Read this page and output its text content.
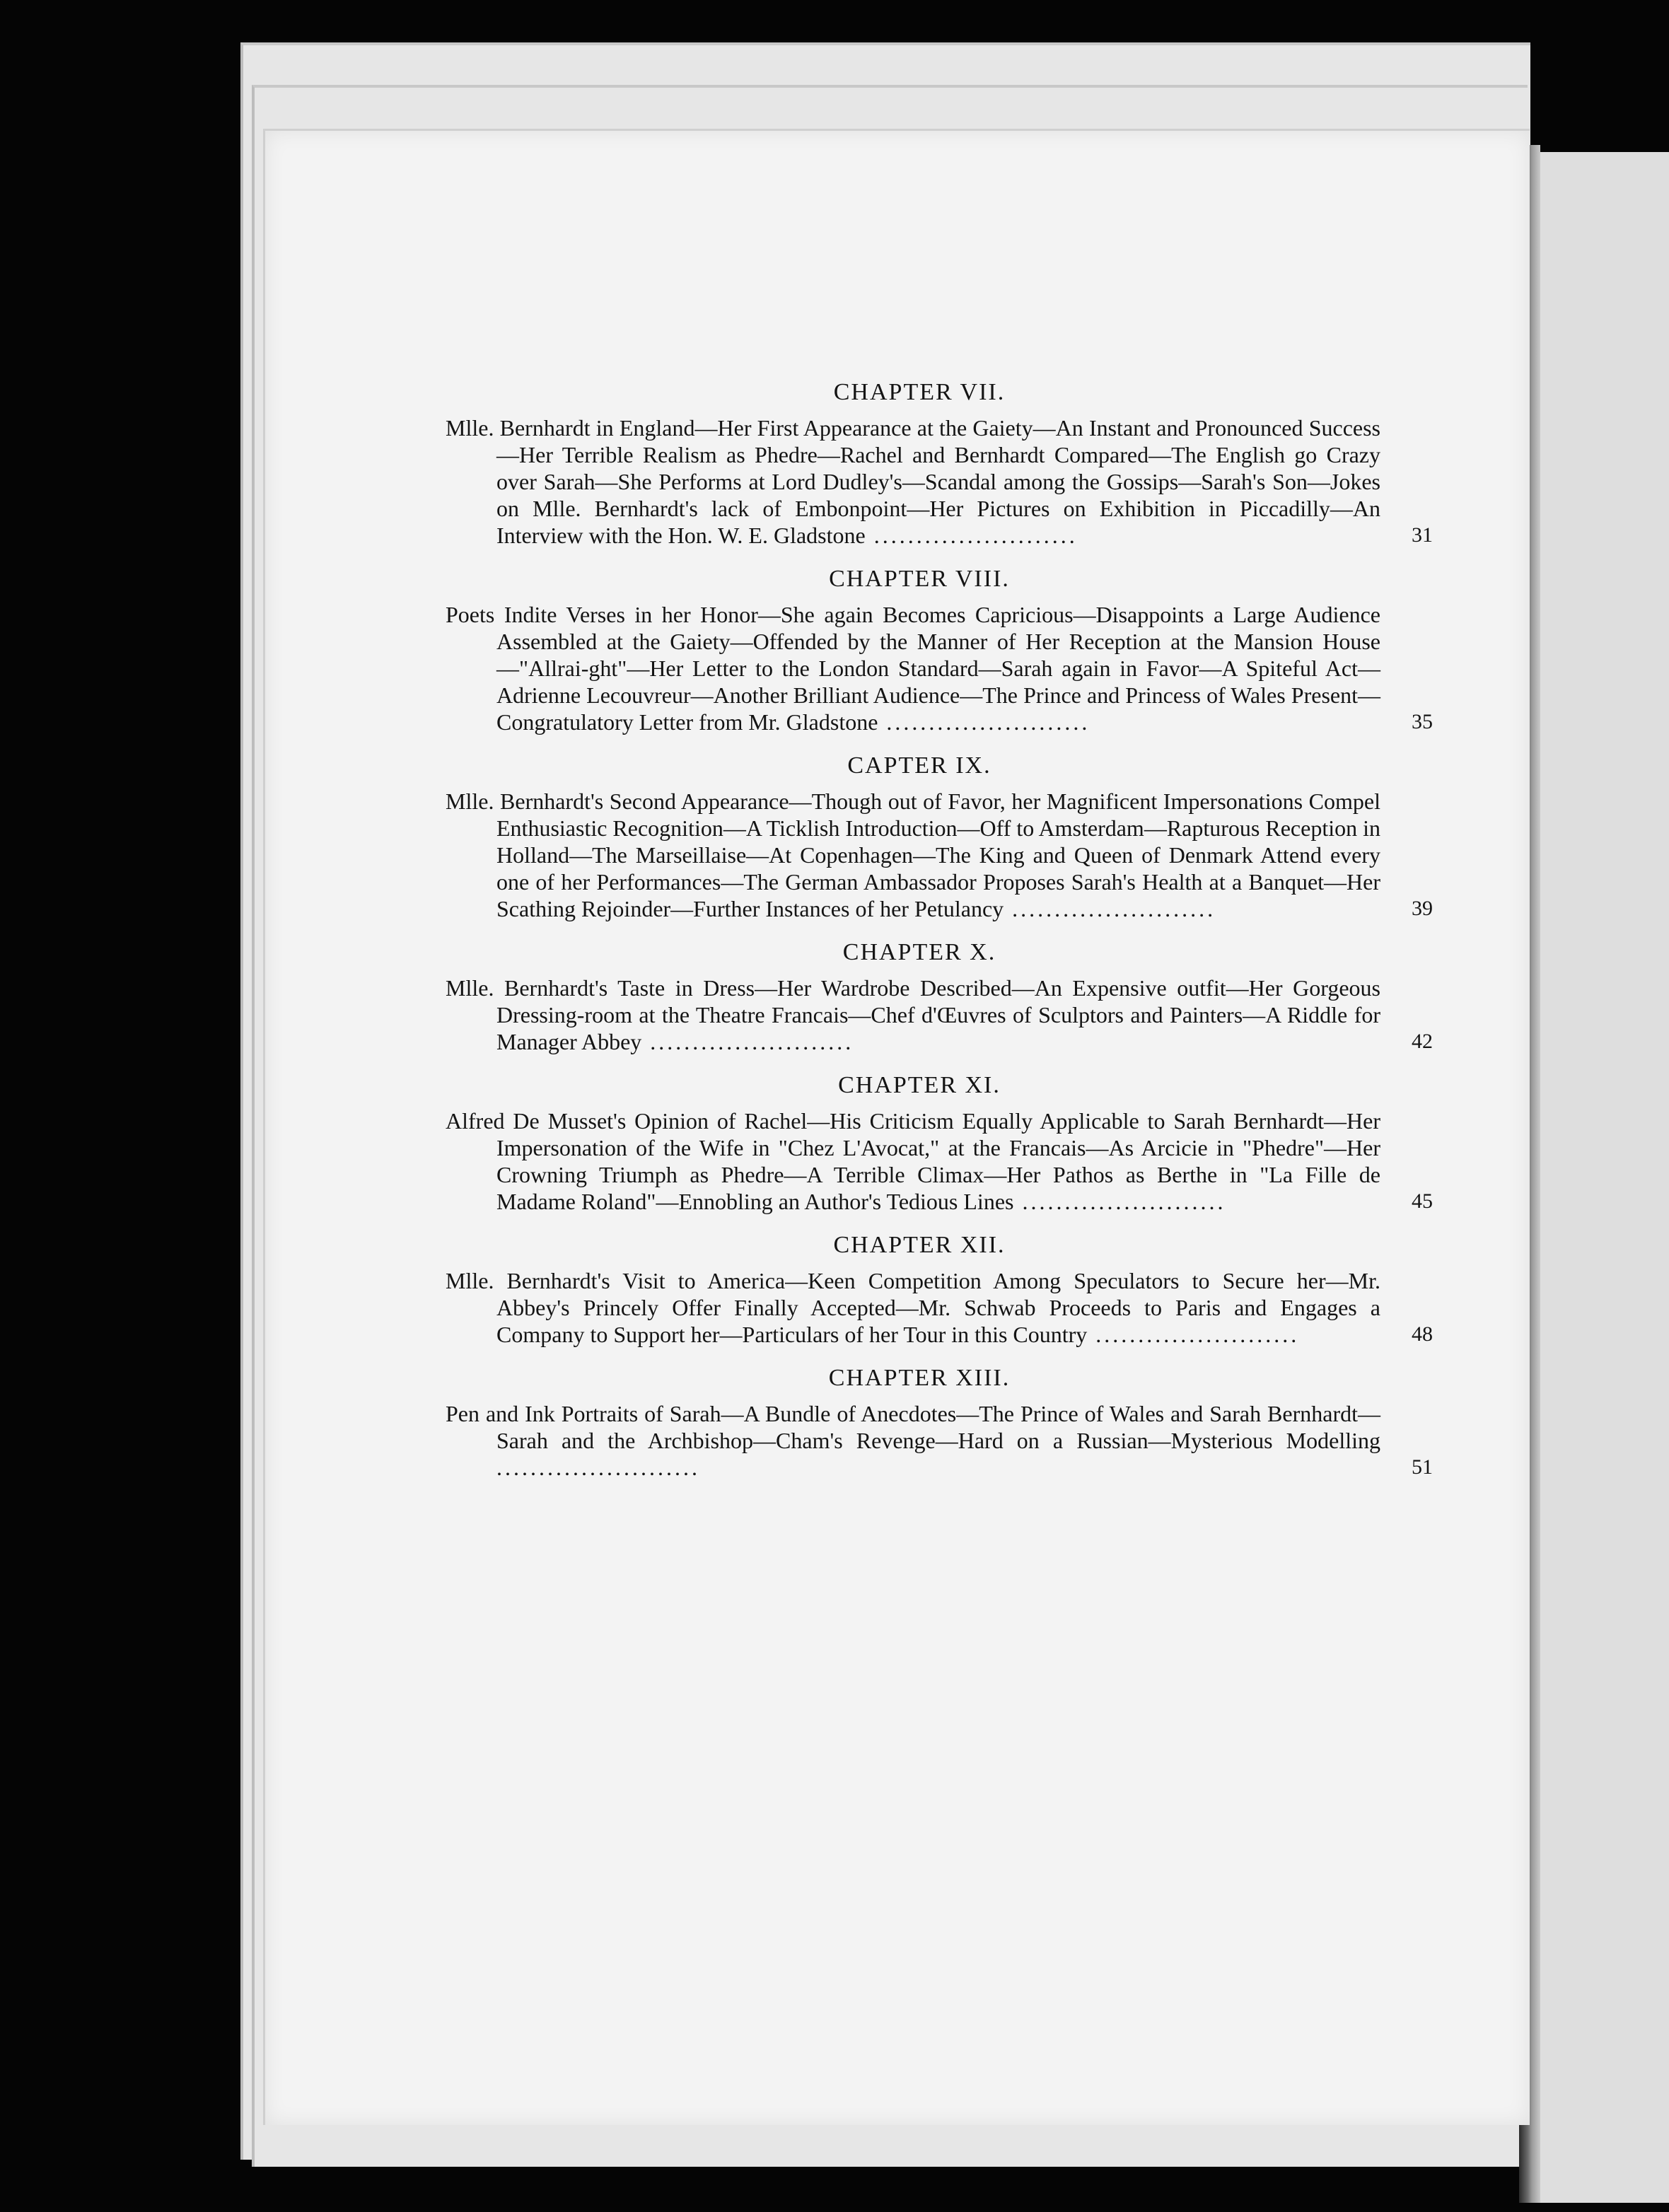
CHAPTER VII.
Mlle. Bernhardt in England—Her First Appearance at the Gaiety—An Instant and Pronounced Success—Her Terrible Realism as Phedre—Rachel and Bernhardt Compared—The English go Crazy over Sarah—She Performs at Lord Dudley's—Scandal among the Gossips—Sarah's Son—Jokes on Mlle. Bernhardt's lack of Embonpoint—Her Pictures on Exhibition in Piccadilly—An Interview with the Hon. W. E. Gladstone ........................	31
CHAPTER VIII.
Poets Indite Verses in her Honor—She again Becomes Capricious—Disappoints a Large Audience Assembled at the Gaiety—Offended by the Manner of Her Reception at the Mansion House—"Allrai-ght"—Her Letter to the London Standard—Sarah again in Favor—A Spiteful Act—Adrienne Lecouvreur—Another Brilliant Audience—The Prince and Princess of Wales Present—Congratulatory Letter from Mr. Gladstone ........................	35
CAPTER IX.
Mlle. Bernhardt's Second Appearance—Though out of Favor, her Magnificent Impersonations Compel Enthusiastic Recognition—A Ticklish Introduction—Off to Amsterdam—Rapturous Reception in Holland—The Marseillaise—At Copenhagen—The King and Queen of Denmark Attend every one of her Performances—The German Ambassador Proposes Sarah's Health at a Banquet—Her Scathing Rejoinder—Further Instances of her Petulancy ........................	39
CHAPTER X.
Mlle. Bernhardt's Taste in Dress—Her Wardrobe Described—An Expensive outfit—Her Gorgeous Dressing-room at the Theatre Francais—Chef d'Œuvres of Sculptors and Painters—A Riddle for Manager Abbey ........................	42
CHAPTER XI.
Alfred De Musset's Opinion of Rachel—His Criticism Equally Applicable to Sarah Bernhardt—Her Impersonation of the Wife in "Chez L'Avocat," at the Francais—As Arcicie in "Phedre"—Her Crowning Triumph as Phedre—A Terrible Climax—Her Pathos as Berthe in "La Fille de Madame Roland"—Ennobling an Author's Tedious Lines ........................	45
CHAPTER XII.
Mlle. Bernhardt's Visit to America—Keen Competition Among Speculators to Secure her—Mr. Abbey's Princely Offer Finally Accepted—Mr. Schwab Proceeds to Paris and Engages a Company to Support her—Particulars of her Tour in this Country ........................	48
CHAPTER XIII.
Pen and Ink Portraits of Sarah—A Bundle of Anecdotes—The Prince of Wales and Sarah Bernhardt—Sarah and the Archbishop—Cham's Revenge—Hard on a Russian—Mysterious Modelling ........................	51
